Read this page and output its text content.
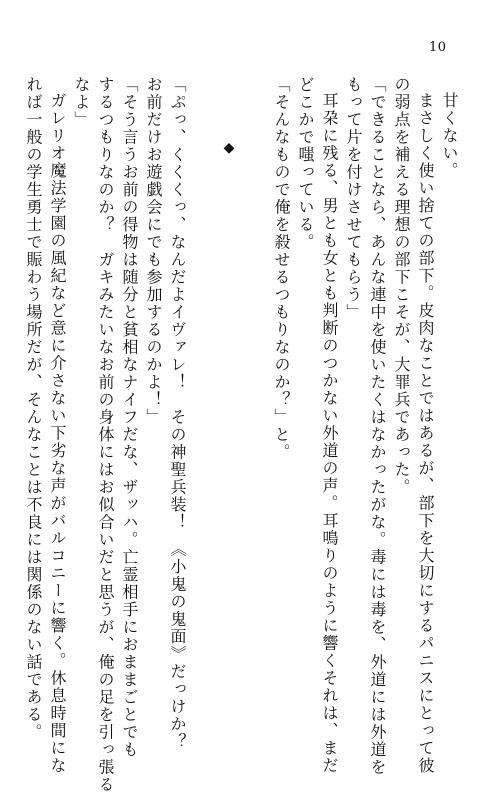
10
甘くない。
まさしく使い捨ての部下。皮肉なことではあるが、部下を大切にするパニスにとって彼
の弱点を補える理想の部下こそが、大罪兵であった。
「できることなら、あんな連中を使いたくはなかったがな。毒には毒を、外道には外道を
もって片を付けさせてもらう」
耳朶に残る、男とも女とも判断のつかない外道の声。耳鳴りのように響くそれは、まだ
どこかで嗤っている。
「そんなもので俺を殺せるつもりなのか？」と。
◆
「ぷっ、くくくっ、なんだよイヴァレ！　その神聖兵装！　《小鬼の鬼面》だっけか？
お前だけお遊戯会にでも参加するのかよ！」
「そう言うお前の得物は随分と貧相なナイフだな、ザッハ。亡霊相手におままごとでも
するつもりなのか？　ガキみたいなお前の身体にはお似合いだと思うが、俺の足を引っ張る
なよ」
ガレリオ魔法学園の風紀など意に介さない下劣な声がバルコニーに響く。休息時間にな
れば一般の学生勇士で賑わう場所だが、そんなことは不良には関係のない話である。
